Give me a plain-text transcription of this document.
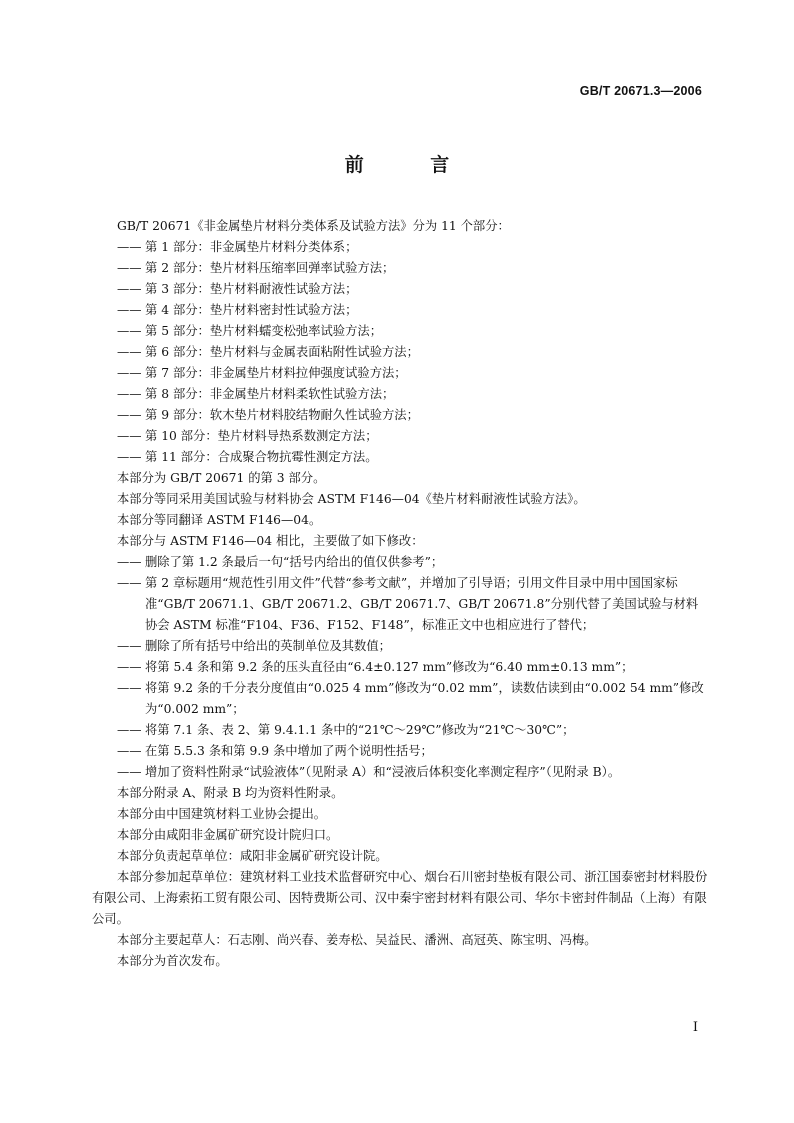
GB/T 20671.3—2006
前 言

GB/T 20671《非金属垫片材料分类体系及试验方法》分为 11 个部分：

—— 第 1 部分：非金属垫片材料分类体系；
—— 第 2 部分：垫片材料压缩率回弹率试验方法；
—— 第 3 部分：垫片材料耐液性试验方法；
—— 第 4 部分：垫片材料密封性试验方法；
—— 第 5 部分：垫片材料蠕变松弛率试验方法；
—— 第 6 部分：垫片材料与金属表面粘附性试验方法；
—— 第 7 部分：非金属垫片材料拉伸强度试验方法；
—— 第 8 部分：非金属垫片材料柔软性试验方法；
—— 第 9 部分：软木垫片材料胶结物耐久性试验方法；
—— 第 10 部分：垫片材料导热系数测定方法；
—— 第 11 部分：合成聚合物抗霉性测定方法。

本部分为 GB/T 20671 的第 3 部分。

本部分等同采用美国试验与材料协会 ASTM F146—04《垫片材料耐液性试验方法》。

本部分等同翻译 ASTM F146—04。

本部分与 ASTM F146—04 相比，主要做了如下修改：

—— 删除了第 1.2 条最后一句“括号内给出的值仅供参考”；
—— 第 2 章标题用“规范性引用文件”代替“参考文献”，并增加了引导语；引用文件目录中用中国国家标准“GB/T 20671.1、GB/T 20671.2、GB/T 20671.7、GB/T 20671.8”分别代替了美国试验与材料协会 ASTM 标准“F104、F36、F152、F148”，标准正文中也相应进行了替代；
—— 删除了所有括号中给出的英制单位及其数值；
—— 将第 5.4 条和第 9.2 条的压头直径由“6.4±0.127 mm”修改为“6.40 mm±0.13 mm”；
—— 将第 9.2 条的千分表分度值由“0.025 4 mm”修改为“0.02 mm”，读数估读到由“0.002 54 mm”修改为“0.002 mm”；
—— 将第 7.1 条、表 2、第 9.4.1.1 条中的“21℃～29℃”修改为“21℃～30℃”；
—— 在第 5.5.3 条和第 9.9 条中增加了两个说明性括号；
—— 增加了资料性附录“试验液体”（见附录 A）和“浸液后体积变化率测定程序”（见附录 B）。

本部分附录 A、附录 B 均为资料性附录。

本部分由中国建筑材料工业协会提出。

本部分由咸阳非金属矿研究设计院归口。

本部分负责起草单位：咸阳非金属矿研究设计院。

本部分参加起草单位：建筑材料工业技术监督研究中心、烟台石川密封垫板有限公司、浙江国泰密封材料股份有限公司、上海索拓工贸有限公司、因特费斯公司、汉中秦宇密封材料有限公司、华尔卡密封件制品（上海）有限公司。

本部分主要起草人：石志刚、尚兴春、姜寿松、吴益民、潘洲、高冠英、陈宝明、冯梅。

本部分为首次发布。

I
